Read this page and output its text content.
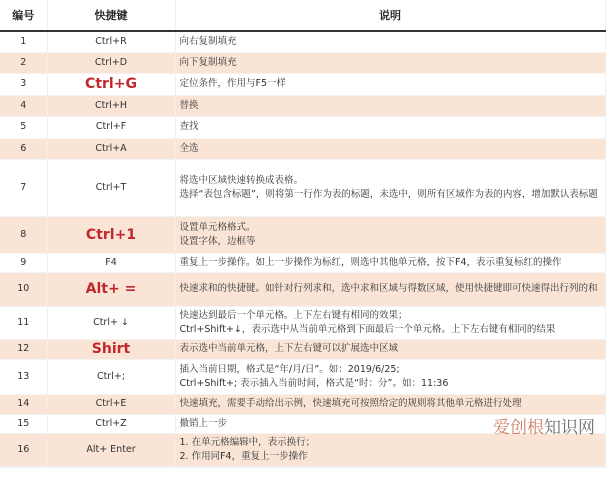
编号	快捷键	说明
1	Ctrl+R	向右复制填充
2	Ctrl+D	向下复制填充
3	Ctrl+G	定位条件，作用与F5一样
4	Ctrl+H	替换
5	Ctrl+F	查找
6	Ctrl+A	全选
7	Ctrl+T	将选中区域快速转换成表格。
选择“表包含标题”，则将第一行作为表的标题，未选中，则所有区域作为表的内容，增加默认表标题
8	Ctrl+1	设置单元格格式。
设置字体，边框等
9	F4	重复上一步操作。如上一步操作为标红，则选中其他单元格，按下F4，表示重复标红的操作
10	Alt+ =	快速求和的快捷键。如针对行列求和，选中求和区域与得数区域，使用快捷键即可快速得出行列的和
11	Ctrl+ ↓	快速达到最后一个单元格。上下左右键有相同的效果；
Ctrl+Shift+↓，表示选中从当前单元格到下面最后一个单元格。上下左右键有相同的结果
12	Shirt	表示选中当前单元格，上下左右键可以扩展选中区域
13	Ctrl+;	插入当前日期，格式是“年/月/日”。如：2019/6/25;
Ctrl+Shift+; 表示插入当前时间，格式是“时：分”。如：11:36
14	Ctrl+E	快速填充，需要手动给出示例，快速填充可按照给定的规则将其他单元格进行处理
15	Ctrl+Z	撤销上一步
16	Alt+ Enter	1. 在单元格编辑中，表示换行；
2. 作用同F4，重复上一步操作
爱创根知识网
